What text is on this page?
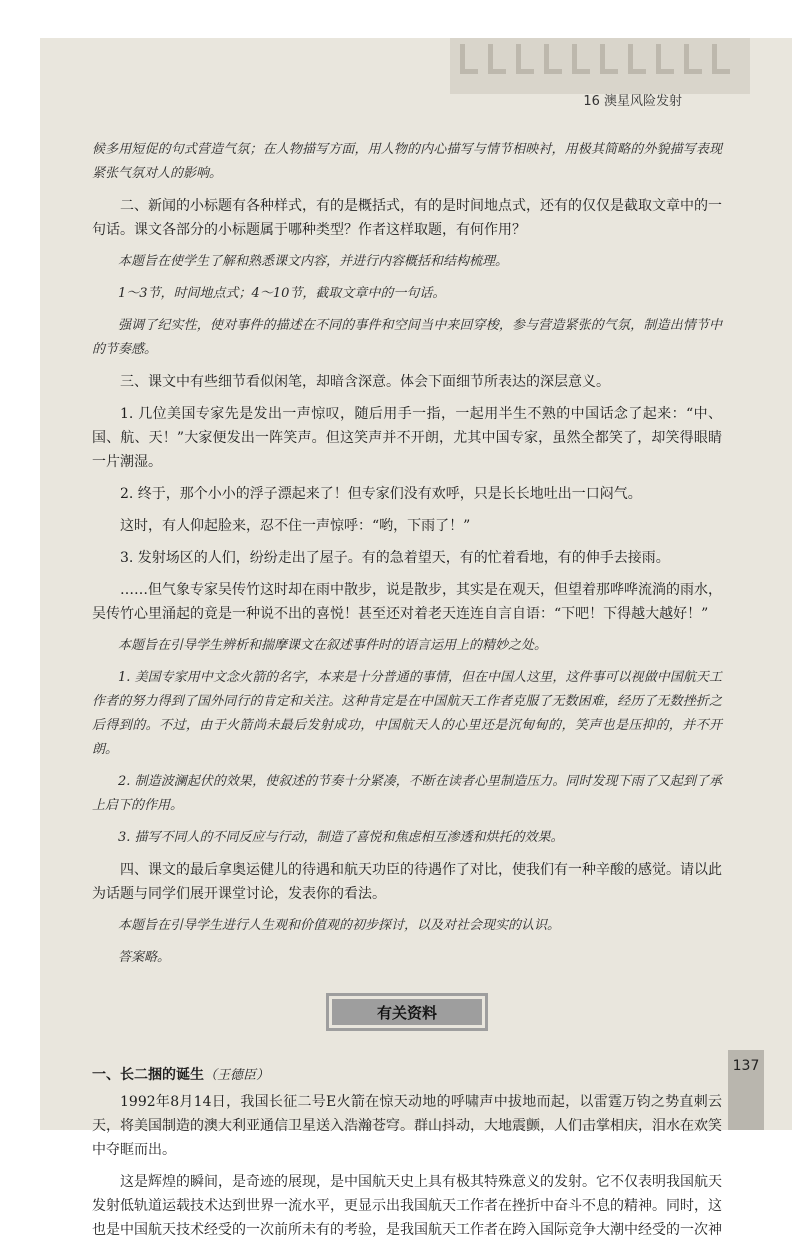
16 澳星风险发射

候多用短促的句式营造气氛；在人物描写方面，用人物的内心描写与情节相映衬，用极其简略的外貌描写表现紧张气氛对人的影响。

二、新闻的小标题有各种样式，有的是概括式，有的是时间地点式，还有的仅仅是截取文章中的一句话。课文各部分的小标题属于哪种类型？作者这样取题，有何作用？

本题旨在使学生了解和熟悉课文内容，并进行内容概括和结构梳理。

1～3节，时间地点式；4～10节，截取文章中的一句话。

强调了纪实性，使对事件的描述在不同的事件和空间当中来回穿梭，参与营造紧张的气氛，制造出情节中的节奏感。

三、课文中有些细节看似闲笔，却暗含深意。体会下面细节所表达的深层意义。

1. 几位美国专家先是发出一声惊叹，随后用手一指，一起用半生不熟的中国话念了起来：“中、国、航、天！”大家便发出一阵笑声。但这笑声并不开朗，尤其中国专家，虽然全都笑了，却笑得眼睛一片潮湿。

2. 终于，那个小小的浮子漂起来了！但专家们没有欢呼，只是长长地吐出一口闷气。

这时，有人仰起脸来，忍不住一声惊呼：“哟，下雨了！”

3. 发射场区的人们，纷纷走出了屋子。有的急着望天，有的忙着看地，有的伸手去接雨。

……但气象专家吴传竹这时却在雨中散步，说是散步，其实是在观天，但望着那哗哗流淌的雨水，吴传竹心里涌起的竟是一种说不出的喜悦！甚至还对着老天连连自言自语：“下吧！下得越大越好！”

本题旨在引导学生辨析和揣摩课文在叙述事件时的语言运用上的精妙之处。

1. 美国专家用中文念火箭的名字，本来是十分普通的事情，但在中国人这里，这件事可以视做中国航天工作者的努力得到了国外同行的肯定和关注。这种肯定是在中国航天工作者克服了无数困难，经历了无数挫折之后得到的。不过，由于火箭尚未最后发射成功，中国航天人的心里还是沉甸甸的，笑声也是压抑的，并不开朗。

2. 制造波澜起伏的效果，使叙述的节奏十分紧凑，不断在读者心里制造压力。同时发现下雨了又起到了承上启下的作用。

3. 描写不同人的不同反应与行动，制造了喜悦和焦虑相互渗透和烘托的效果。

四、课文的最后拿奥运健儿的待遇和航天功臣的待遇作了对比，使我们有一种辛酸的感觉。请以此为话题与同学们展开课堂讨论，发表你的看法。

本题旨在引导学生进行人生观和价值观的初步探讨，以及对社会现实的认识。

答案略。

有关资料
一、长二捆的诞生（王德臣）

1992年8月14日，我国长征二号E火箭在惊天动地的呼啸声中拔地而起，以雷霆万钧之势直刺云天，将美国制造的澳大利亚通信卫星送入浩瀚苍穹。群山抖动，大地震颤，人们击掌相庆，泪水在欢笑中夺眶而出。

这是辉煌的瞬间，是奇迹的展现，是中国航天史上具有极其特殊意义的发射。它不仅表明我国航天发射低轨道运载技术达到世界一流水平，更显示出我国航天工作者在挫折中奋斗不息的精神。同时，这也是中国航天技术经受的一次前所未有的考验，是我国航天工作者在跨入国际竞争大潮中经受的一次神

137
